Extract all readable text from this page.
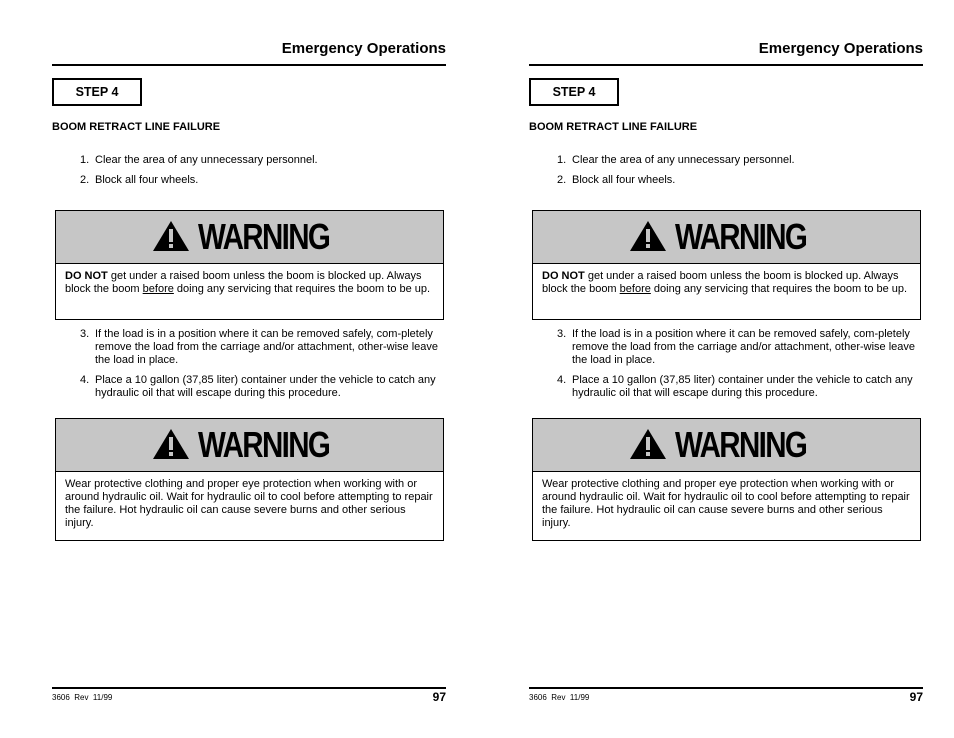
Emergency Operations
STEP 4
BOOM RETRACT LINE FAILURE
1. Clear the area of any unnecessary personnel.
2. Block all four wheels.
WARNING
DO NOT get under a raised boom unless the boom is blocked up. Always block the boom before doing any servicing that requires the boom to be up.
3. If the load is in a position where it can be removed safely, com-pletely remove the load from the carriage and/or attachment, other-wise leave the load in place.
4. Place a 10 gallon (37,85 liter) container under the vehicle to catch any hydraulic oil that will escape during this procedure.
WARNING
Wear protective clothing and proper eye protection when working with or around hydraulic oil. Wait for hydraulic oil to cool before attempting to repair the failure. Hot hydraulic oil can cause severe burns and other serious injury.
3606  Rev  11/99	97
Emergency Operations
STEP 4
BOOM RETRACT LINE FAILURE
1. Clear the area of any unnecessary personnel.
2. Block all four wheels.
WARNING
DO NOT get under a raised boom unless the boom is blocked up. Always block the boom before doing any servicing that requires the boom to be up.
3. If the load is in a position where it can be removed safely, com-pletely remove the load from the carriage and/or attachment, other-wise leave the load in place.
4. Place a 10 gallon (37,85 liter) container under the vehicle to catch any hydraulic oil that will escape during this procedure.
WARNING
Wear protective clothing and proper eye protection when working with or around hydraulic oil. Wait for hydraulic oil to cool before attempting to repair the failure. Hot hydraulic oil can cause severe burns and other serious injury.
3606  Rev  11/99	97
